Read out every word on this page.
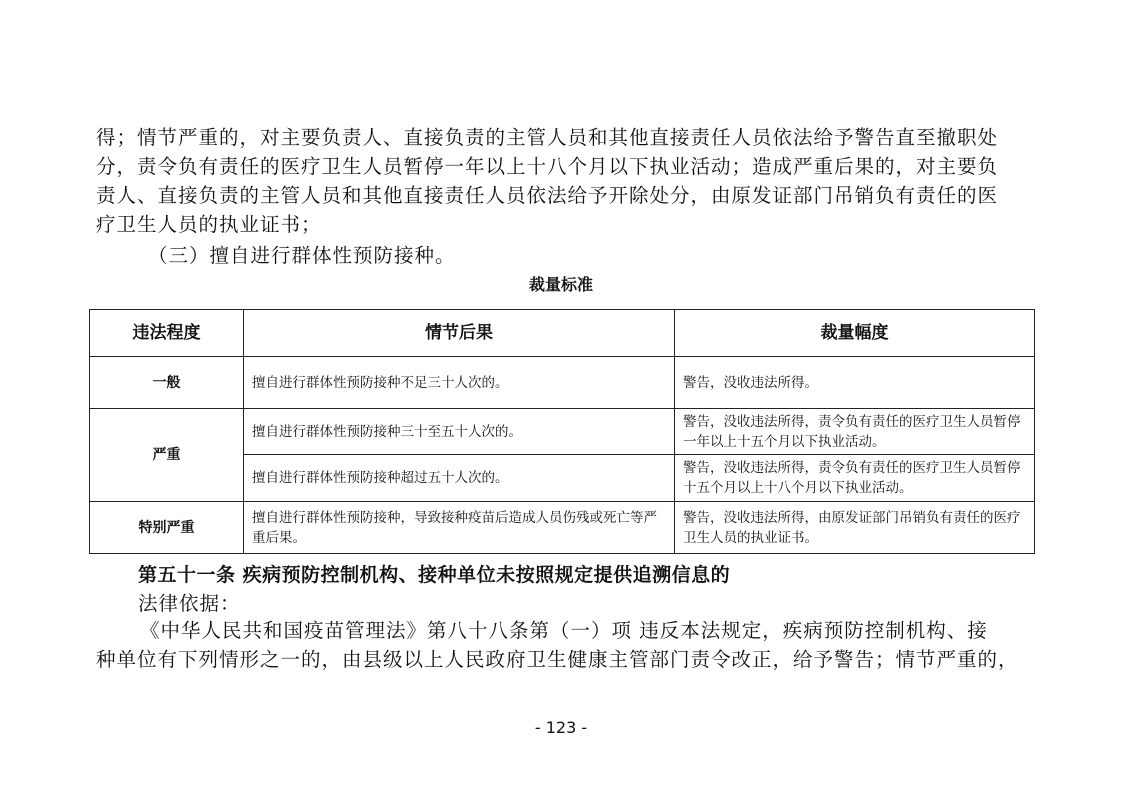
得；情节严重的，对主要负责人、直接负责的主管人员和其他直接责任人员依法给予警告直至撤职处
分，责令负有责任的医疗卫生人员暂停一年以上十八个月以下执业活动；造成严重后果的，对主要负
责人、直接负责的主管人员和其他直接责任人员依法给予开除处分，由原发证部门吊销负有责任的医
疗卫生人员的执业证书；
（三）擅自进行群体性预防接种。
裁量标准
违法程度	情节后果	裁量幅度
一般	擅自进行群体性预防接种不足三十人次的。	警告，没收违法所得。
严重	擅自进行群体性预防接种三十至五十人次的。	警告，没收违法所得，责令负有责任的医疗卫生人员暂停一年以上十五个月以下执业活动。
	擅自进行群体性预防接种超过五十人次的。	警告，没收违法所得，责令负有责任的医疗卫生人员暂停十五个月以上十八个月以下执业活动。
特别严重	擅自进行群体性预防接种，导致接种疫苗后造成人员伤残或死亡等严重后果。	警告，没收违法所得，由原发证部门吊销负有责任的医疗卫生人员的执业证书。
第五十一条 疾病预防控制机构、接种单位未按照规定提供追溯信息的
法律依据：
《中华人民共和国疫苗管理法》第八十八条第（一）项 违反本法规定，疾病预防控制机构、接
种单位有下列情形之一的，由县级以上人民政府卫生健康主管部门责令改正，给予警告；情节严重的，
- 123 -
